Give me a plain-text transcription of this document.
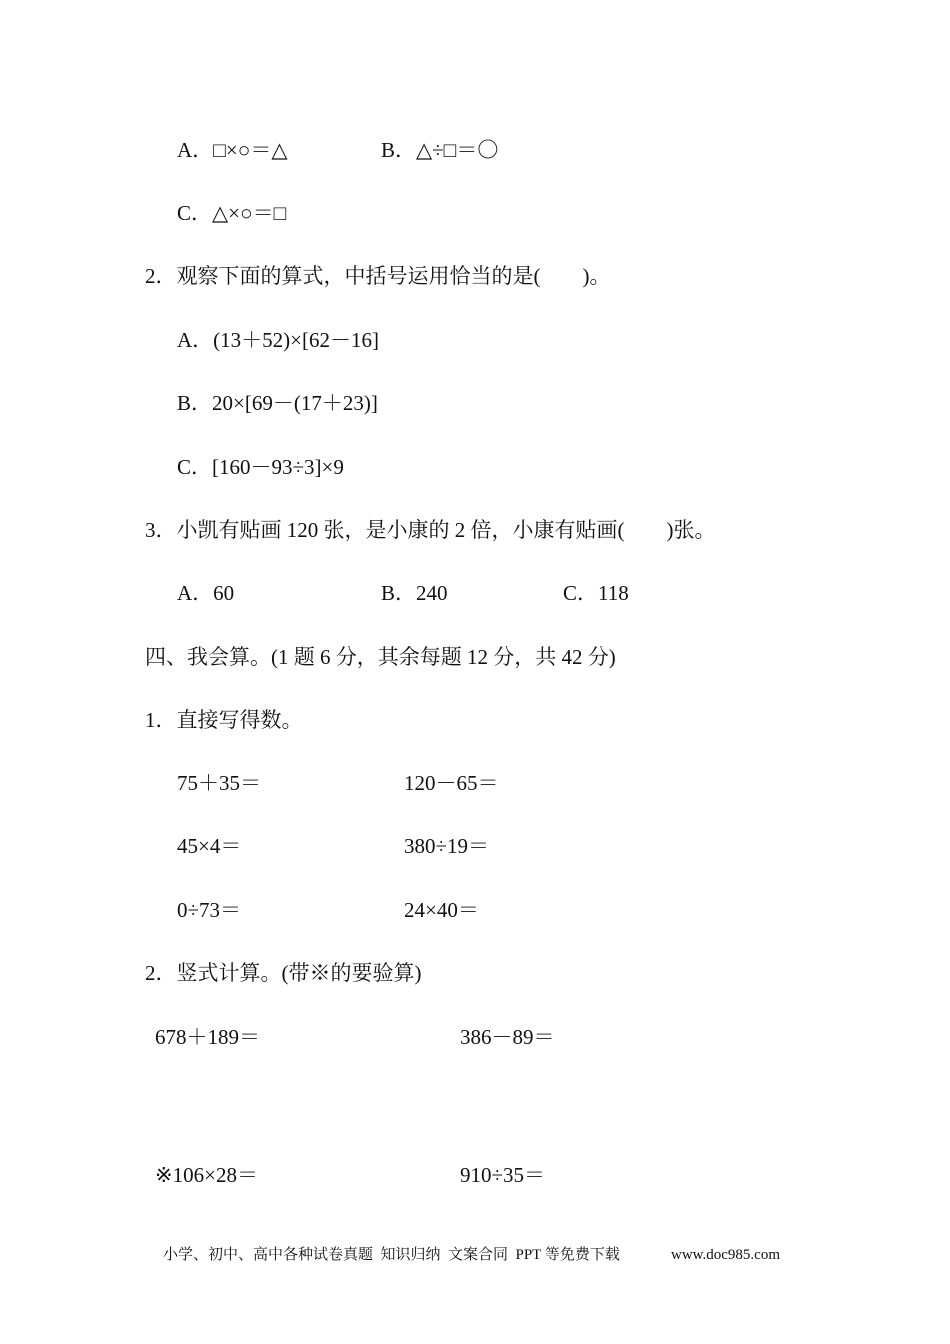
A．□×○＝△	B．△÷□＝〇
C．△×○＝□
2．观察下面的算式，中括号运用恰当的是(　　)。
A．(13＋52)×[62－16]
B．20×[69－(17＋23)]
C．[160－93÷3]×9
3．小凯有贴画 120 张，是小康的 2 倍，小康有贴画(　　)张。
A．60	B．240	C．118
四、我会算。(1 题 6 分，其余每题 12 分，共 42 分)
1．直接写得数。
75＋35＝	120－65＝
45×4＝	380÷19＝
0÷73＝	24×40＝
2．竖式计算。(带※的要验算)
678＋189＝	386－89＝
※106×28＝	910÷35＝
小学、初中、高中各种试卷真题  知识归纳  文案合同  PPT 等免费下载	www.doc985.com
